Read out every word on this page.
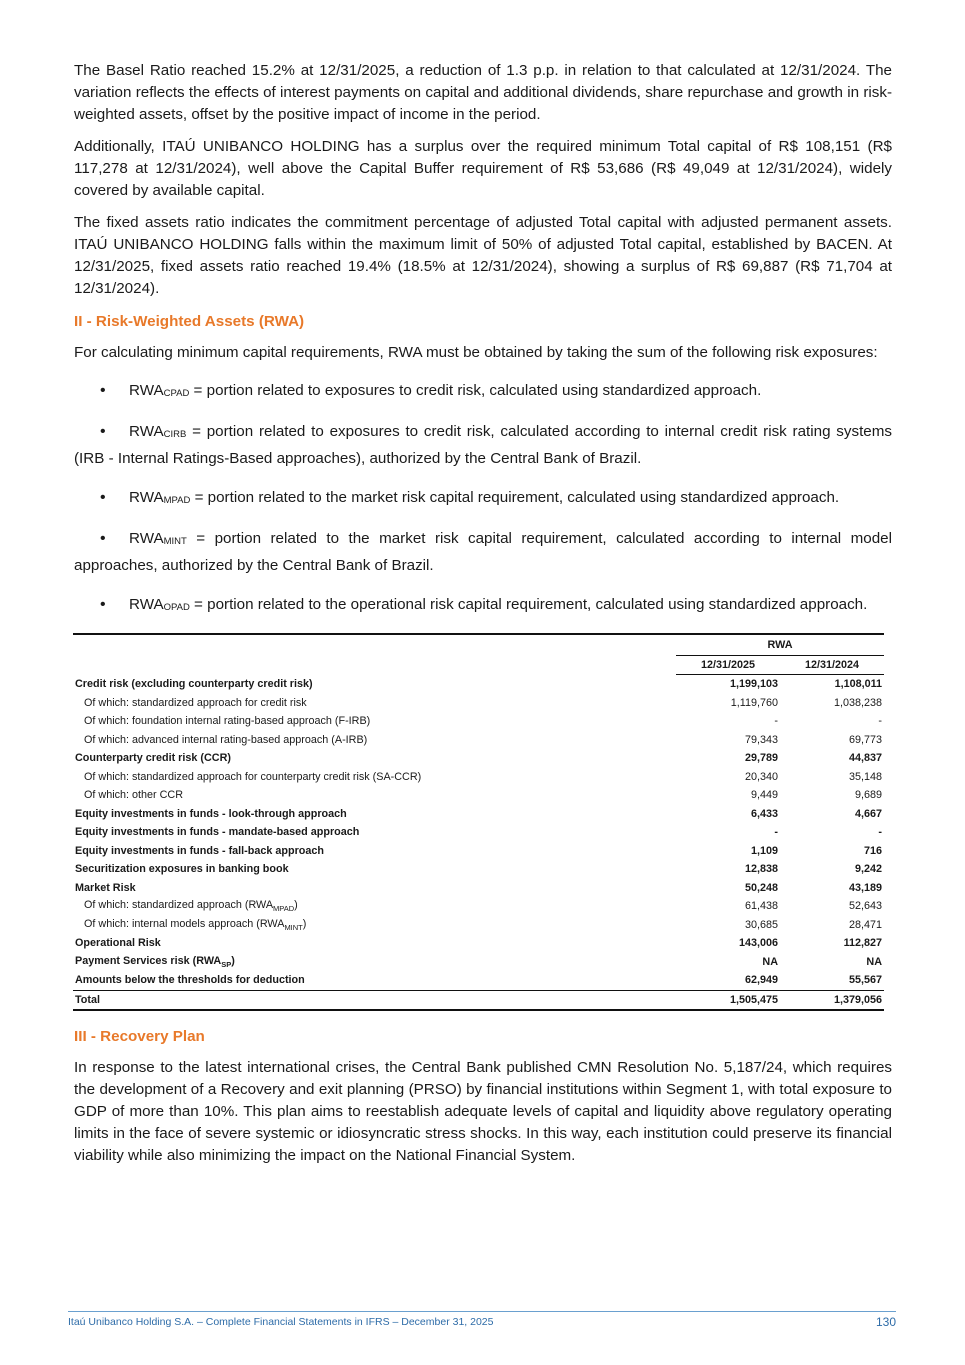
The Basel Ratio reached 15.2% at 12/31/2025, a reduction of 1.3 p.p. in relation to that calculated at 12/31/2024. The variation reflects the effects of interest payments on capital and additional dividends, share repurchase and growth in risk-weighted assets, offset by the positive impact of income in the period.

Additionally, ITAÚ UNIBANCO HOLDING has a surplus over the required minimum Total capital of R$ 108,151 (R$ 117,278 at 12/31/2024), well above the Capital Buffer requirement of R$ 53,686 (R$ 49,049 at 12/31/2024), widely covered by available capital.

The fixed assets ratio indicates the commitment percentage of adjusted Total capital with adjusted permanent assets. ITAÚ UNIBANCO HOLDING falls within the maximum limit of 50% of adjusted Total capital, established by BACEN. At 12/31/2025, fixed assets ratio reached 19.4% (18.5% at 12/31/2024), showing a surplus of R$ 69,887 (R$ 71,704 at 12/31/2024).

II - Risk-Weighted Assets (RWA)

For calculating minimum capital requirements, RWA must be obtained by taking the sum of the following risk exposures:

• $RWA_{CPAD}$ = portion related to exposures to credit risk, calculated using standardized approach.
• $RWA_{CIRB}$ = portion related to exposures to credit risk, calculated according to internal credit risk rating systems (IRB - Internal Ratings-Based approaches), authorized by the Central Bank of Brazil.
• $RWA_{MPAD}$ = portion related to the market risk capital requirement, calculated using standardized approach.
• $RWA_{MINT}$ = portion related to the market risk capital requirement, calculated according to internal model approaches, authorized by the Central Bank of Brazil.
• $RWA_{OPAD}$ = portion related to the operational risk capital requirement, calculated using standardized approach.
	RWA	
	12/31/2025	12/31/2024
Credit risk (excluding counterparty credit risk)	1,199,103	1,108,011
Of which: standardized approach for credit risk	1,119,760	1,038,238
Of which: foundation internal rating-based approach (F-IRB)	-	-
Of which: advanced internal rating-based approach (A-IRB)	79,343	69,773
Counterparty credit risk (CCR)	29,789	44,837
Of which: standardized approach for counterparty credit risk (SA-CCR)	20,340	35,148
Of which: other CCR	9,449	9,689
Equity investments in funds - look-through approach	6,433	4,667
Equity investments in funds - mandate-based approach	-	-
Equity investments in funds - fall-back approach	1,109	716
Securitization exposures in banking book	12,838	9,242
Market Risk	50,248	43,189
Of which: standardized approach $(RWA_{MPAD})$	61,438	52,643
Of which: internal models approach $(RWA_{MINT})$	30,685	28,471
Operational Risk	143,006	112,827
Payment Services risk $(RWA_{SP})$	NA	NA
Amounts below the thresholds for deduction	62,949	55,567
Total	1,505,475	1,379,056
III - Recovery Plan

In response to the latest international crises, the Central Bank published CMN Resolution No. 5,187/24, which requires the development of a Recovery and exit planning (PRSO) by financial institutions within Segment 1, with total exposure to GDP of more than 10%. This plan aims to reestablish adequate levels of capital and liquidity above regulatory operating limits in the face of severe systemic or idiosyncratic stress shocks. In this way, each institution could preserve its financial viability while also minimizing the impact on the National Financial System.

Itaú Unibanco Holding S.A. – Complete Financial Statements in IFRS – December 31, 2025	130
